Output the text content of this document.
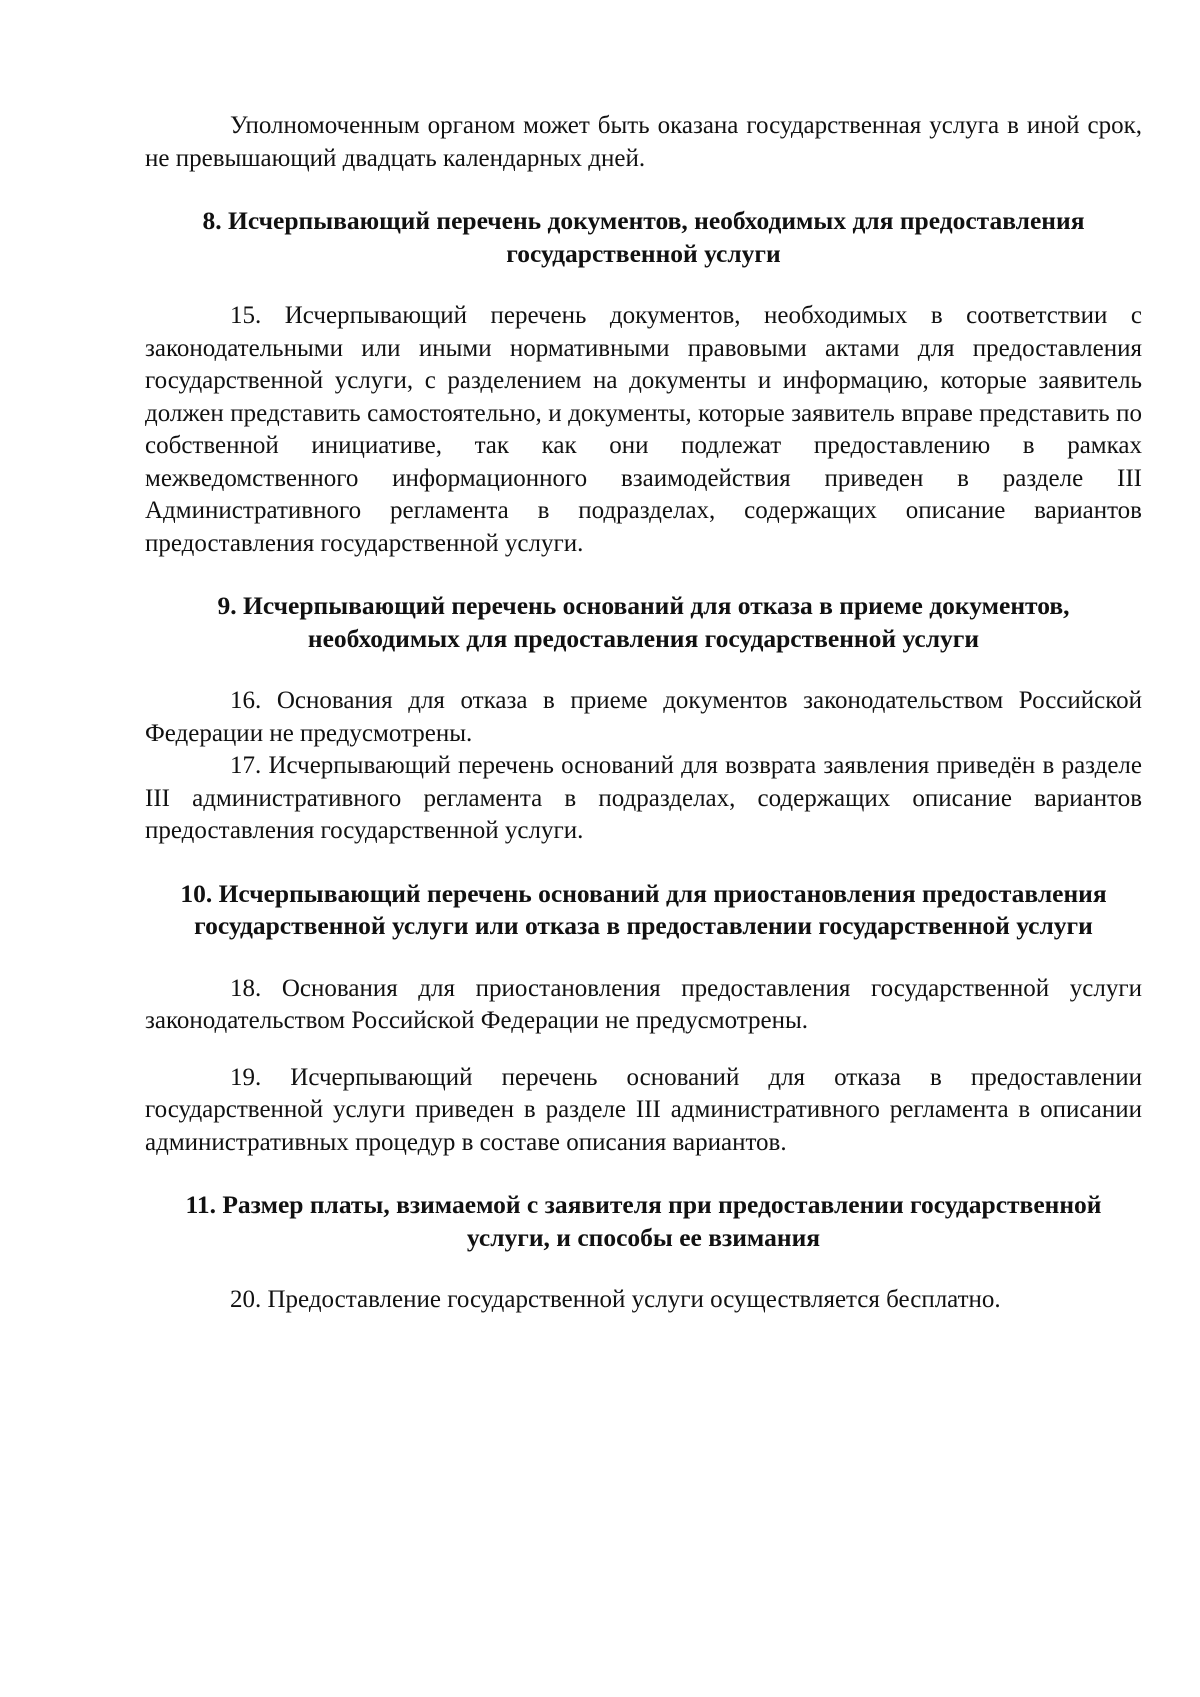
Уполномоченным органом может быть оказана государственная услуга в иной срок, не превышающий двадцать календарных дней.

8. Исчерпывающий перечень документов, необходимых для предоставления государственной услуги

15. Исчерпывающий перечень документов, необходимых в соответствии с законодательными или иными нормативными правовыми актами для предоставления государственной услуги, с разделением на документы и информацию, которые заявитель должен представить самостоятельно, и документы, которые заявитель вправе представить по собственной инициативе, так как они подлежат предоставлению в рамках межведомственного информационного взаимодействия приведен в разделе III Административного регламента в подразделах, содержащих описание вариантов предоставления государственной услуги.

9. Исчерпывающий перечень оснований для отказа в приеме документов, необходимых для предоставления государственной услуги

16. Основания для отказа в приеме документов законодательством Российской Федерации не предусмотрены.

17. Исчерпывающий перечень оснований для возврата заявления приведён в разделе III административного регламента в подразделах, содержащих описание вариантов предоставления государственной услуги.

10. Исчерпывающий перечень оснований для приостановления предоставления государственной услуги или отказа в предоставлении государственной услуги

18. Основания для приостановления предоставления государственной услуги законодательством Российской Федерации не предусмотрены.

19. Исчерпывающий перечень оснований для отказа в предоставлении государственной услуги приведен в разделе III административного регламента в описании административных процедур в составе описания вариантов.

11. Размер платы, взимаемой с заявителя при предоставлении государственной услуги, и способы ее взимания

20. Предоставление государственной услуги осуществляется бесплатно.
